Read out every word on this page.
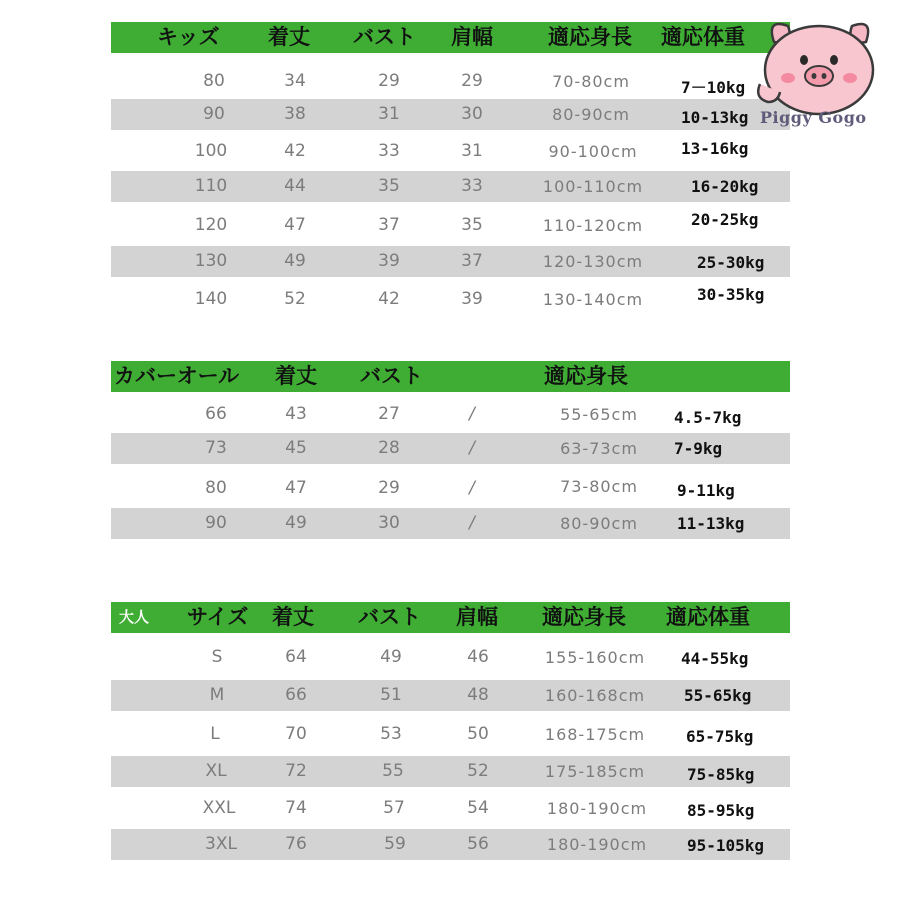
キッズ 着丈 バスト 肩幅	適応身長 適応体重
80	34	29	29	70-80cm	7－10kg
90	38	31	30	80-90cm	10-13kg
100	42	33	31	90-100cm	13-16kg
110	44	35	33	100-110cm	16-20kg
120	47	37	35	110-120cm	20-25kg
130	49	39	37	120-130cm	25-30kg
140	52	42	39	130-140cm	30-35kg
カバーオール 着丈 バスト	適応身長
66	43	27	/	55-65cm 4.5-7kg
73	45	28	/	63-73cm 7-9kg
80	47	29	/	73-80cm 9-11kg
90	49	30	/	80-90cm 11-13kg
大人 サイズ 着丈 バスト 肩幅 適応身長 適応体重
S	64	49	46	155-160cm 44-55kg
M	66	51	48	160-168cm 55-65kg
L	70	53	50	168-175cm	65-75kg
XL	72	55	52	175-185cm	75-85kg
XXL	74	57	54	180-190cm 85-95kg
3XL	76	59	56	180-190cm 95-105kg
Piggy Gogo
